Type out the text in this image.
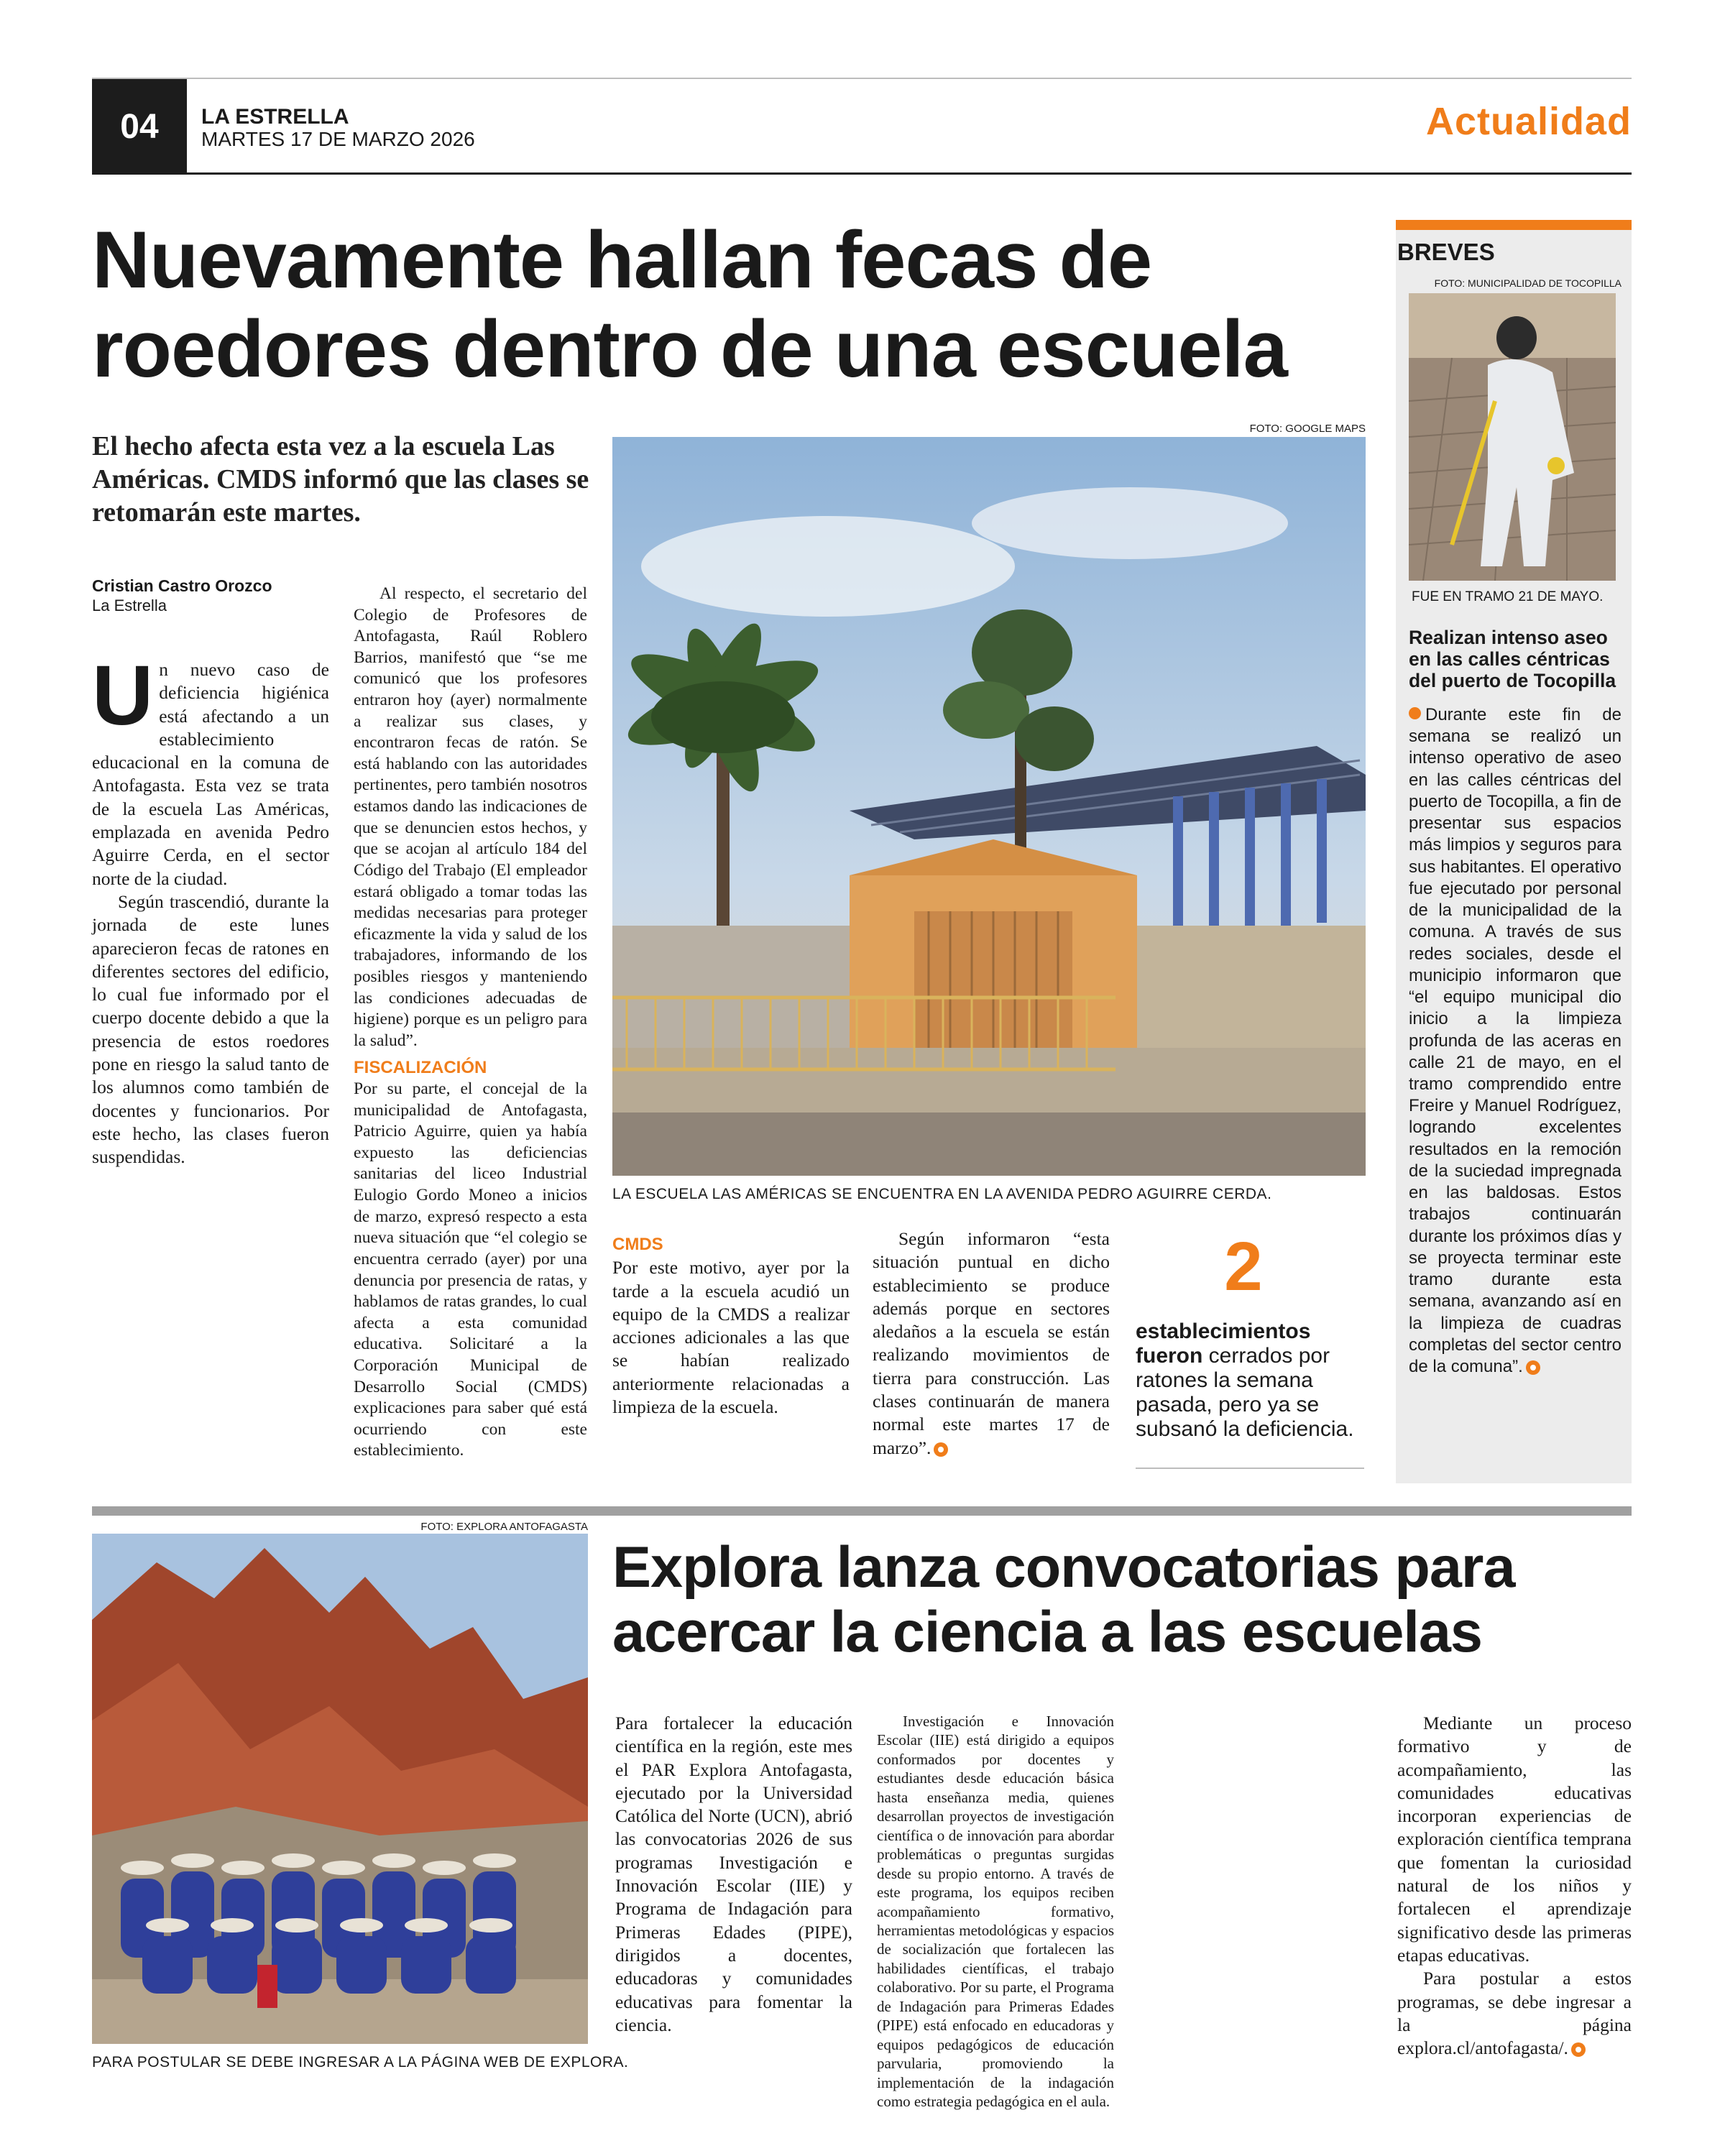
04	LA ESTRELLA
MARTES 17 DE MARZO 2026	Actualidad
Nuevamente hallan fecas de roedores dentro de una escuela
El hecho afecta esta vez a la escuela Las Américas. CMDS informó que las clases se retomarán este martes.
Cristian Castro Orozco
La Estrella

Un nuevo caso de deficiencia higiénica está afectando a un establecimiento educacional en la comuna de Antofagasta. Esta vez se trata de la escuela Las Américas, emplazada en avenida Pedro Aguirre Cerda, en el sector norte de la ciudad.

Según trascendió, durante la jornada de este lunes aparecieron fecas de ratones en diferentes sectores del edificio, lo cual fue informado por el cuerpo docente debido a que la presencia de estos roedores pone en riesgo la salud tanto de los alumnos como también de docentes y funcionarios. Por este hecho, las clases fueron suspendidas.

Al respecto, el secretario del Colegio de Profesores de Antofagasta, Raúl Roblero Barrios, manifestó que “se me comunicó que los profesores entraron hoy (ayer) normalmente a realizar sus clases, y encontraron fecas de ratón. Se está hablando con las autoridades pertinentes, pero también nosotros estamos dando las indicaciones de que se denuncien estos hechos, y que se acojan al artículo 184 del Código del Trabajo (El empleador estará obligado a tomar todas las medidas necesarias para proteger eficazmente la vida y salud de los trabajadores, informando de los posibles riesgos y manteniendo las condiciones adecuadas de higiene) porque es un peligro para la salud”.

FISCALIZACIÓN

Por su parte, el concejal de la municipalidad de Antofagasta, Patricio Aguirre, quien ya había expuesto las deficiencias sanitarias del liceo Industrial Eulogio Gordo Moneo a inicios de marzo, expresó respecto a esta nueva situación que “el colegio se encuentra cerrado (ayer) por una denuncia por presencia de ratas, y hablamos de ratas grandes, lo cual afecta a esta comunidad educativa. Solicitaré a la Corporación Municipal de Desarrollo Social (CMDS) explicaciones para saber qué está ocurriendo con este establecimiento.

CMDS

Por este motivo, ayer por la tarde a la escuela acudió un equipo de la CMDS a realizar acciones adicionales a las que se habían realizado anteriormente relacionadas a limpieza de la escuela.

Según informaron “esta situación puntual en dicho establecimiento se produce además porque en sectores aledaños a la escuela se están realizando movimientos de tierra para construcción. Las clases continuarán de manera normal este martes 17 de marzo”.

FOTO: GOOGLE MAPS
LA ESCUELA LAS AMÉRICAS SE ENCUENTRA EN LA AVENIDA PEDRO AGUIRRE CERDA.
2
establecimientos fueron cerrados por ratones la semana pasada, pero ya se subsanó la deficiencia.
BREVES
FOTO: MUNICIPALIDAD DE TOCOPILLA
FUE EN TRAMO 21 DE MAYO.
Realizan intenso aseo en las calles céntricas del puerto de Tocopilla
Durante este fin de semana se realizó un intenso operativo de aseo en las calles céntricas del puerto de Tocopilla, a fin de presentar sus espacios más limpios y seguros para sus habitantes. El operativo fue ejecutado por personal de la municipalidad de la comuna. A través de sus redes sociales, desde el municipio informaron que “el equipo municipal dio inicio a la limpieza profunda de las aceras en calle 21 de mayo, en el tramo comprendido entre Freire y Manuel Rodríguez, logrando excelentes resultados en la remoción de la suciedad impregnada en las baldosas. Estos trabajos continuarán durante los próximos días y se proyecta terminar este tramo durante esta semana, avanzando así en la limpieza de cuadras completas del sector centro de la comuna”.
FOTO: EXPLORA ANTOFAGASTA
PARA POSTULAR SE DEBE INGRESAR A LA PÁGINA WEB DE EXPLORA.
Explora lanza convocatorias para acercar la ciencia a las escuelas

Para fortalecer la educación científica en la región, este mes el PAR Explora Antofagasta, ejecutado por la Universidad Católica del Norte (UCN), abrió las convocatorias 2026 de sus programas Investigación e Innovación Escolar (IIE) y Programa de Indagación para Primeras Edades (PIPE), dirigidos a docentes, educadoras y comunidades educativas para fomentar la ciencia.

Investigación e Innovación Escolar (IIE) está dirigido a equipos conformados por docentes y estudiantes desde educación básica hasta enseñanza media, quienes desarrollan proyectos de investigación científica o de innovación para abordar problemáticas o preguntas surgidas desde su propio entorno. A través de este programa, los equipos reciben acompañamiento formativo, herramientas metodológicas y espacios de socialización que fortalecen las habilidades científicas, el trabajo colaborativo. Por su parte, el Programa de Indagación para Primeras Edades (PIPE) está enfocado en educadoras y equipos pedagógicos de educación parvularia, promoviendo la implementación de la indagación como estrategia pedagógica en el aula.

Mediante un proceso formativo y de acompañamiento, las comunidades educativas incorporan experiencias de exploración científica temprana que fomentan la curiosidad natural de los niños y fortalecen el aprendizaje significativo desde las primeras etapas educativas.

Para postular a estos programas, se debe ingresar a la página explora.cl/antofagasta/.
